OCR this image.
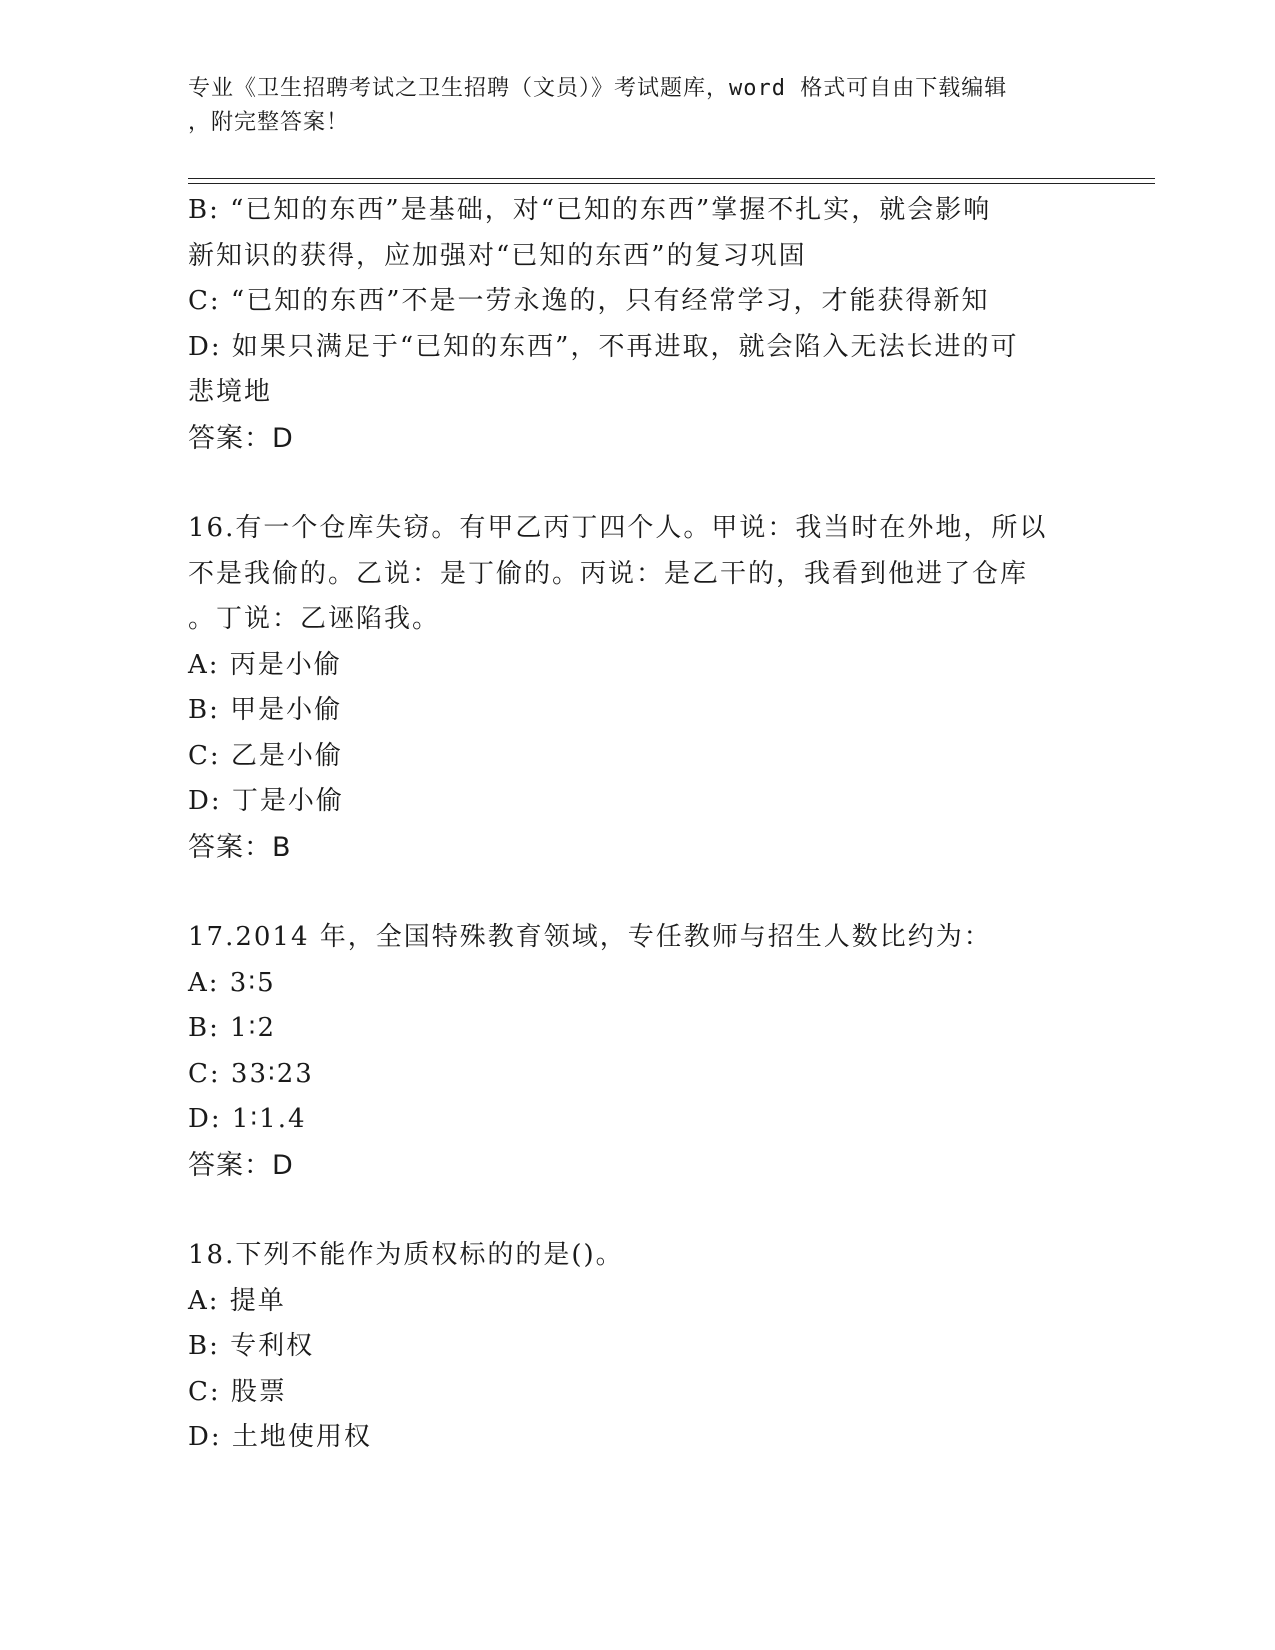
专业《卫生招聘考试之卫生招聘（文员）》考试题库，word 格式可自由下载编辑
，附完整答案！
B: “已知的东西”是基础，对“已知的东西”掌握不扎实，就会影响
新知识的获得，应加强对“已知的东西”的复习巩固
C: “已知的东西”不是一劳永逸的，只有经常学习，才能获得新知
D: 如果只满足于“已知的东西”，不再进取，就会陷入无法长进的可
悲境地
答案：D
16.有一个仓库失窃。有甲乙丙丁四个人。甲说：我当时在外地，所以
不是我偷的。乙说：是丁偷的。丙说：是乙干的，我看到他进了仓库
。丁说：乙诬陷我。
A: 丙是小偷
B: 甲是小偷
C: 乙是小偷
D: 丁是小偷
答案：B
17.2014 年，全国特殊教育领域，专任教师与招生人数比约为：
A: 3∶5
B: 1∶2
C: 33∶23
D: 1∶1.4
答案：D
18.下列不能作为质权标的的是()。
A: 提单
B: 专利权
C: 股票
D: 土地使用权
